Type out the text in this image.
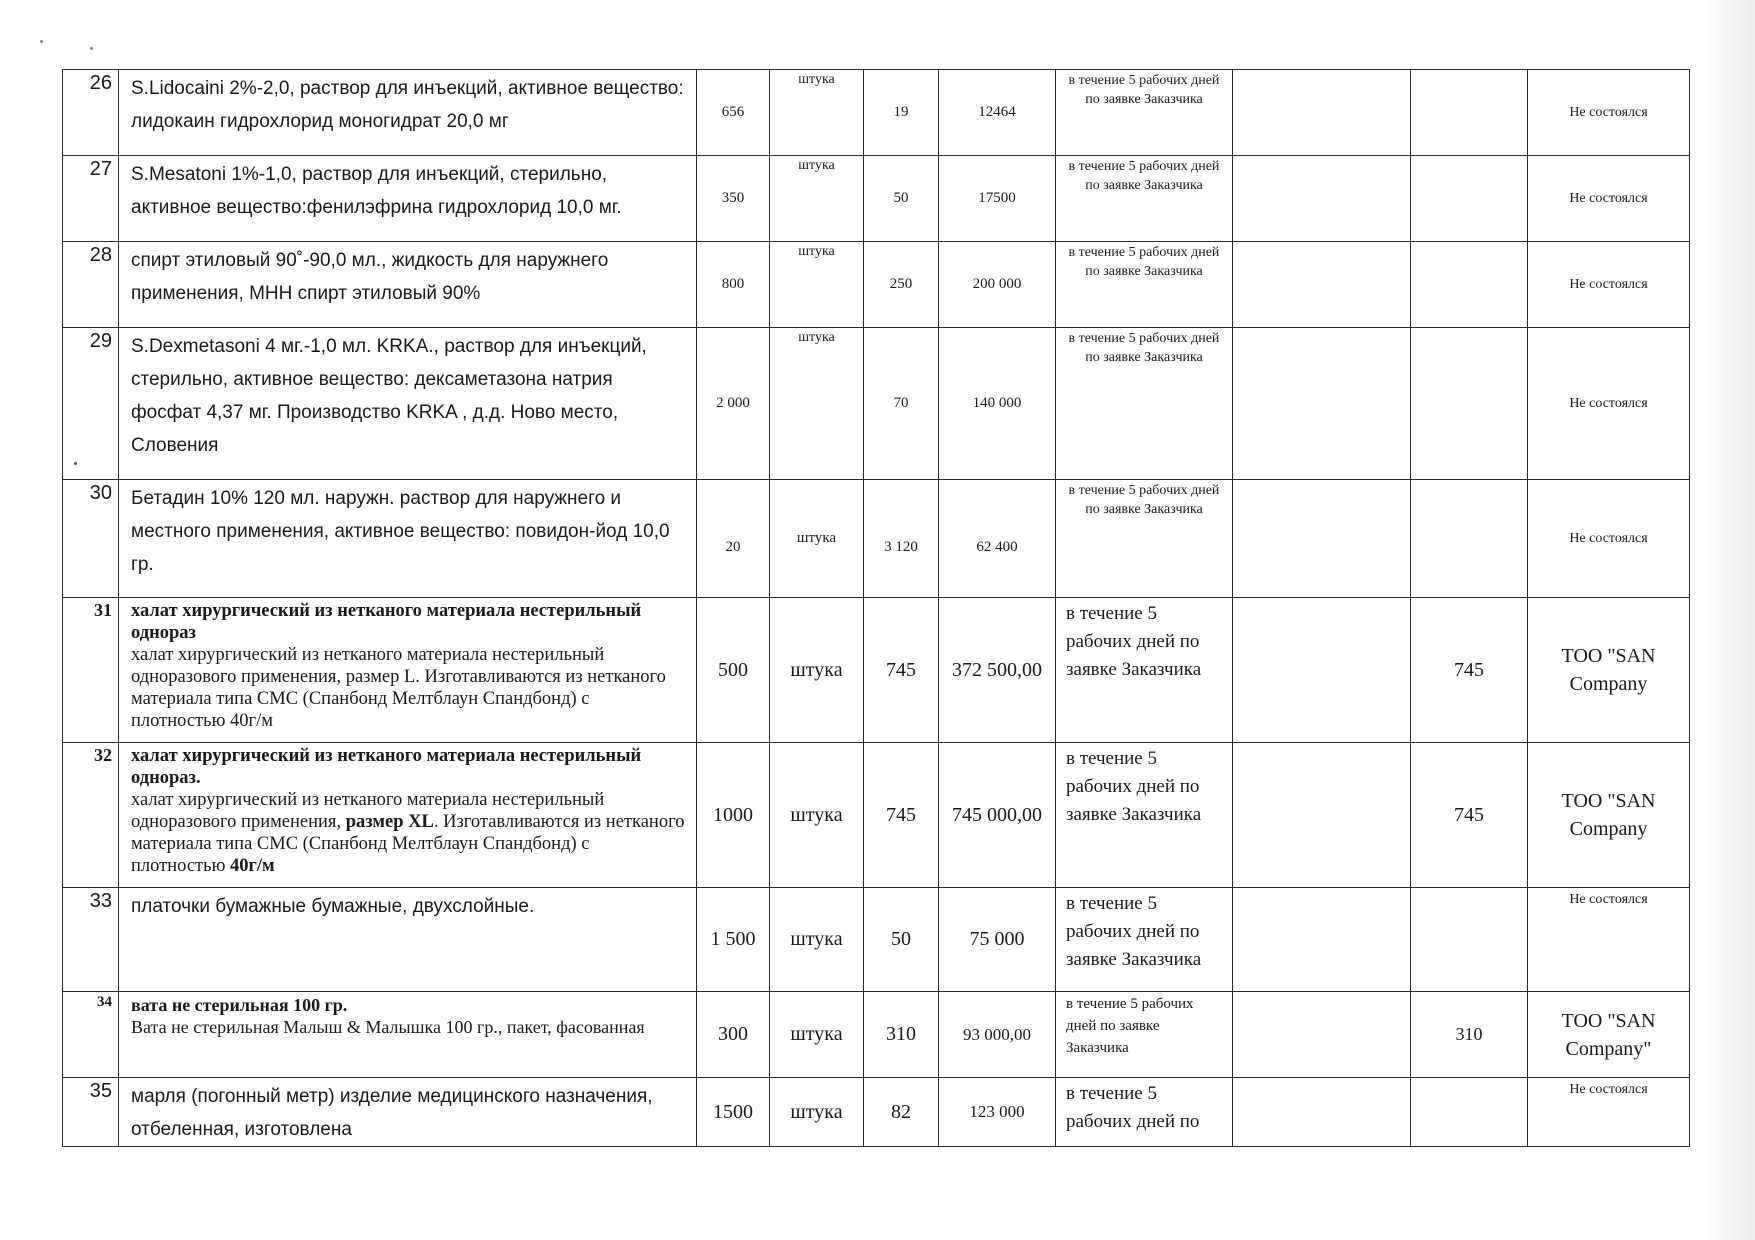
26	S.Lidocaini 2%-2,0, раствор для инъекций, активное вещество: лидокаин гидрохлорид моногидрат 20,0 мг	656	штука	19	12464	в течение 5 рабочих дней по заявке Заказчика			Не состоялся
27	S.Mesatoni 1%-1,0, раствор для инъекций, стерильно, активное вещество:фенилэфрина гидрохлорид 10,0 мг.	350	штука	50	17500	в течение 5 рабочих дней по заявке Заказчика			Не состоялся
28	спирт этиловый 90˚-90,0 мл., жидкость для наружнего применения, МНН спирт этиловый 90%	800	штука	250	200 000	в течение 5 рабочих дней по заявке Заказчика			Не состоялся
29	S.Dexmetasoni 4 мг.-1,0 мл. KRKA., раствор для инъекций, стерильно, активное вещество: дексаметазона натрия фосфат 4,37 мг. Производство KRKA , д.д. Ново место, Словения	2 000	штука	70	140 000	в течение 5 рабочих дней по заявке Заказчика			Не состоялся
30	Бетадин 10% 120 мл. наружн. раствор для наружнего и местного применения, активное вещество: повидон-йод 10,0 гр.	20	штука	3 120	62 400	в течение 5 рабочих дней по заявке Заказчика			Не состоялся
31	халат хирургический из нетканого материала нестерильный однораз
халат хирургический из нетканого материала нестерильный одноразового применения, размер L. Изготавливаются из нетканого материала типа СМС (Спанбонд Мелтблаун Спандбонд) с плотностью 40г/м	500	штука	745	372 500,00	в течение 5 рабочих дней по заявке Заказчика		745	ТОО "SAN Company
32	халат хирургический из нетканого материала нестерильный однораз.
халат хирургический из нетканого материала нестерильный одноразового применения, размер XL. Изготавливаются из нетканого материала типа СМС (Спанбонд Мелтблаун Спандбонд) с плотностью 40г/м	1000	штука	745	745 000,00	в течение 5 рабочих дней по заявке Заказчика		745	ТОО "SAN Company
33	платочки бумажные бумажные, двухслойные.	1 500	штука	50	75 000	в течение 5 рабочих дней по заявке Заказчика			Не состоялся
34	вата не стерильная 100 гр.
Вата не стерильная Малыш & Малышка 100 гр., пакет, фасованная	300	штука	310	93 000,00	в течение 5 рабочих дней по заявке Заказчика		310	ТОО "SAN Company"
35	марля (погонный метр) изделие медицинского назначения, отбеленная, изготовлена	1500	штука	82	123 000	в течение 5 рабочих дней по			Не состоялся
